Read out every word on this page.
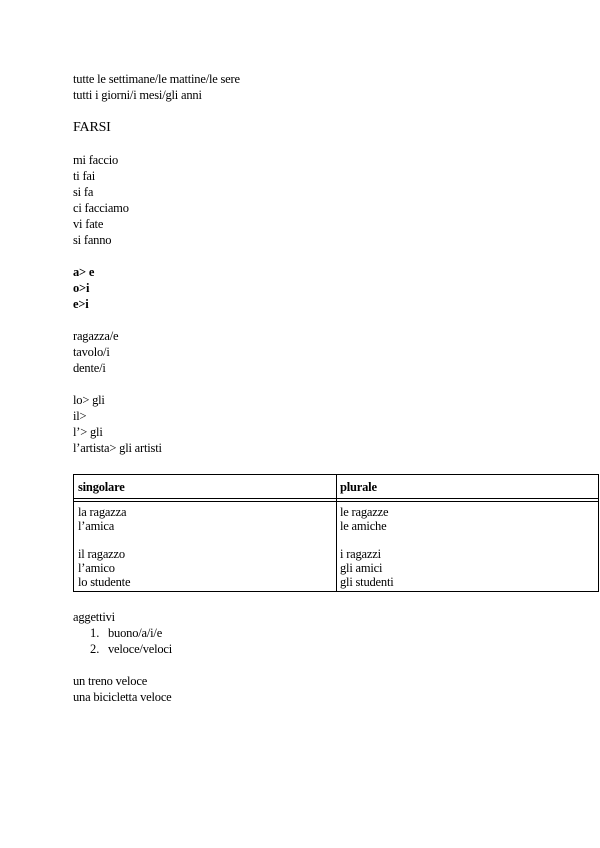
tutte le settimane/le mattine/le sere
tutti i giorni/i mesi/gli anni
FARSI
mi faccio
ti fai
si fa
ci facciamo
vi fate
si fanno
a> e
o>i
e>i
ragazza/e
tavolo/i
dente/i
lo> gli
il>
l’> gli
l’artista> gli artisti
singolare	plurale
la ragazza
l’amica
il ragazzo
l’amico
lo studente
le ragazze
le amiche
i ragazzi
gli amici
gli studenti
aggettivi
1. buono/a/i/e
2. veloce/veloci
un treno veloce
una bicicletta veloce
